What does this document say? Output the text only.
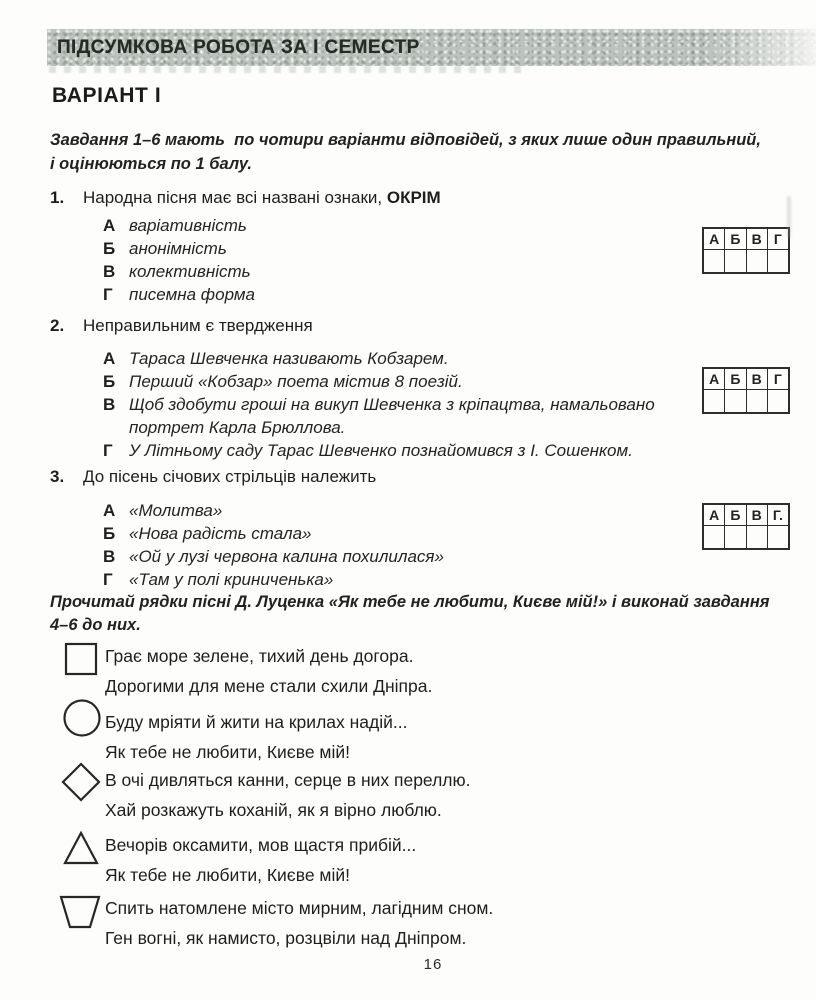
ПІДСУМКОВА РОБОТА ЗА І СЕМЕСТР
ВАРІАНТ І
Завдання 1–6 мають  по чотири варіанти відповідей, з яких лише один правильний,
і оцінюються по 1 балу.
1. Народна пісня має всі названі ознаки, ОКРІМ
А варіативність
Б анонімність
В колективність
Г писемна форма
А Б В Г
2. Неправильним є твердження
А Тараса Шевченка називають Кобзарем.
Б Перший «Кобзар» поета містив 8 поезій.
В Щоб здобути гроші на викуп Шевченка з кріпацтва, намальовано
портрет Карла Брюллова.
Г У Літньому саду Тарас Шевченко познайомився з І. Сошенком.
А Б В Г
3. До пісень січових стрільців належить
А «Молитва»
Б «Нова радість стала»
В «Ой у лузі червона калина похилилася»
Г «Там у полі криниченька»
А Б В Г.
Прочитай рядки пісні Д. Луценка «Як тебе не любити, Києве мій!» і виконай завдання
4–6 до них.
Грає море зелене, тихий день догора.
Дорогими для мене стали схили Дніпра.
Буду мріяти й жити на крилах надій...
Як тебе не любити, Києве мій!
В очі дивляться канни, серце в них переллю.
Хай розкажуть коханій, як я вірно люблю.
Вечорів оксамити, мов щастя прибій...
Як тебе не любити, Києве мій!
Спить натомлене місто мирним, лагідним сном.
Ген вогні, як намисто, розцвіли над Дніпром.
16
